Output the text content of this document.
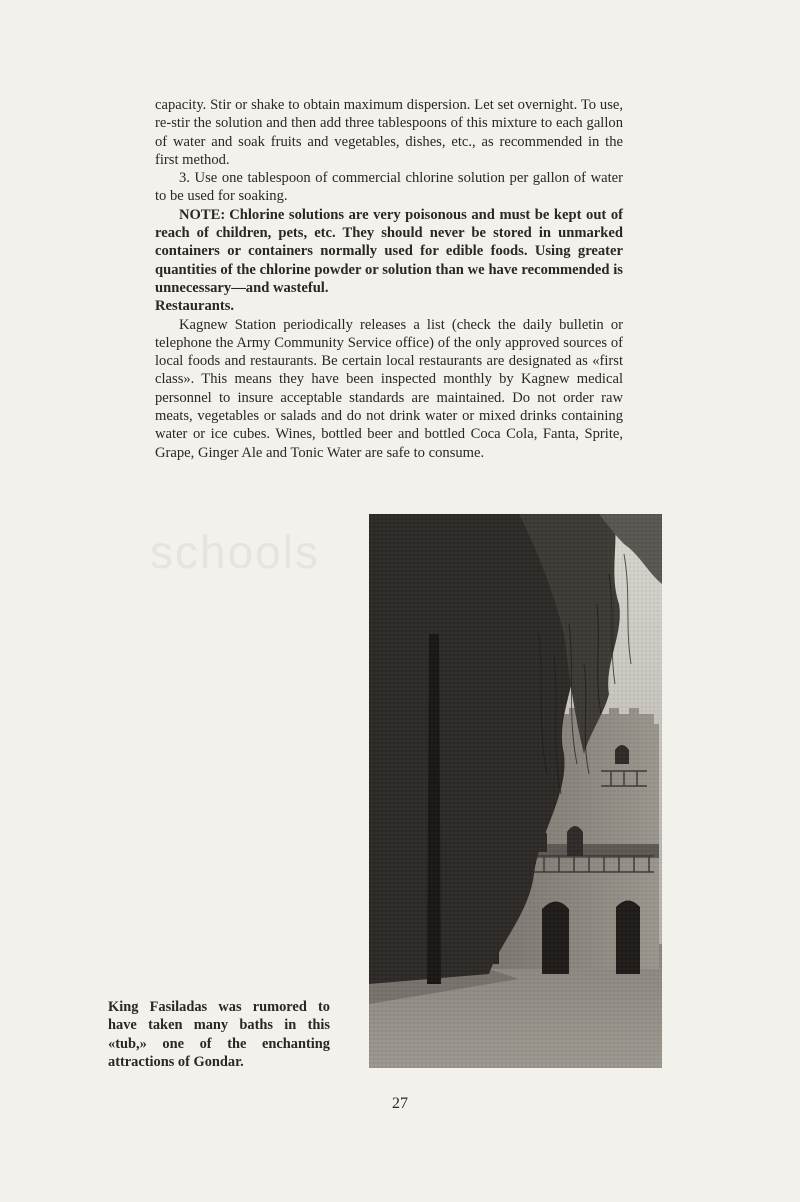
schools

capacity. Stir or shake to obtain maximum dispersion. Let set overnight. To use, re-stir the solution and then add three tablespoons of this mixture to each gallon of water and soak fruits and vegetables, dishes, etc., as recommended in the first method.

3. Use one tablespoon of commercial chlorine solution per gallon of water to be used for soaking.

NOTE: Chlorine solutions are very poisonous and must be kept out of reach of children, pets, etc. They should never be stored in unmarked containers or containers normally used for edible foods. Using greater quantities of the chlorine powder or solution than we have recommended is unnecessary—and wasteful.

Restaurants.

Kagnew Station periodically releases a list (check the daily bulletin or telephone the Army Community Service office) of the only approved sources of local foods and restaurants. Be certain local restaurants are designated as «first class». This means they have been inspected monthly by Kagnew medical personnel to insure acceptable standards are maintained. Do not order raw meats, vegetables or salads and do not drink water or mixed drinks containing water or ice cubes. Wines, bottled beer and bottled Coca Cola, Fanta, Sprite, Grape, Ginger Ale and Tonic Water are safe to consume.

King Fasiladas was rumored to have taken many baths in this «tub,» one of the enchanting attractions of Gondar.
27
